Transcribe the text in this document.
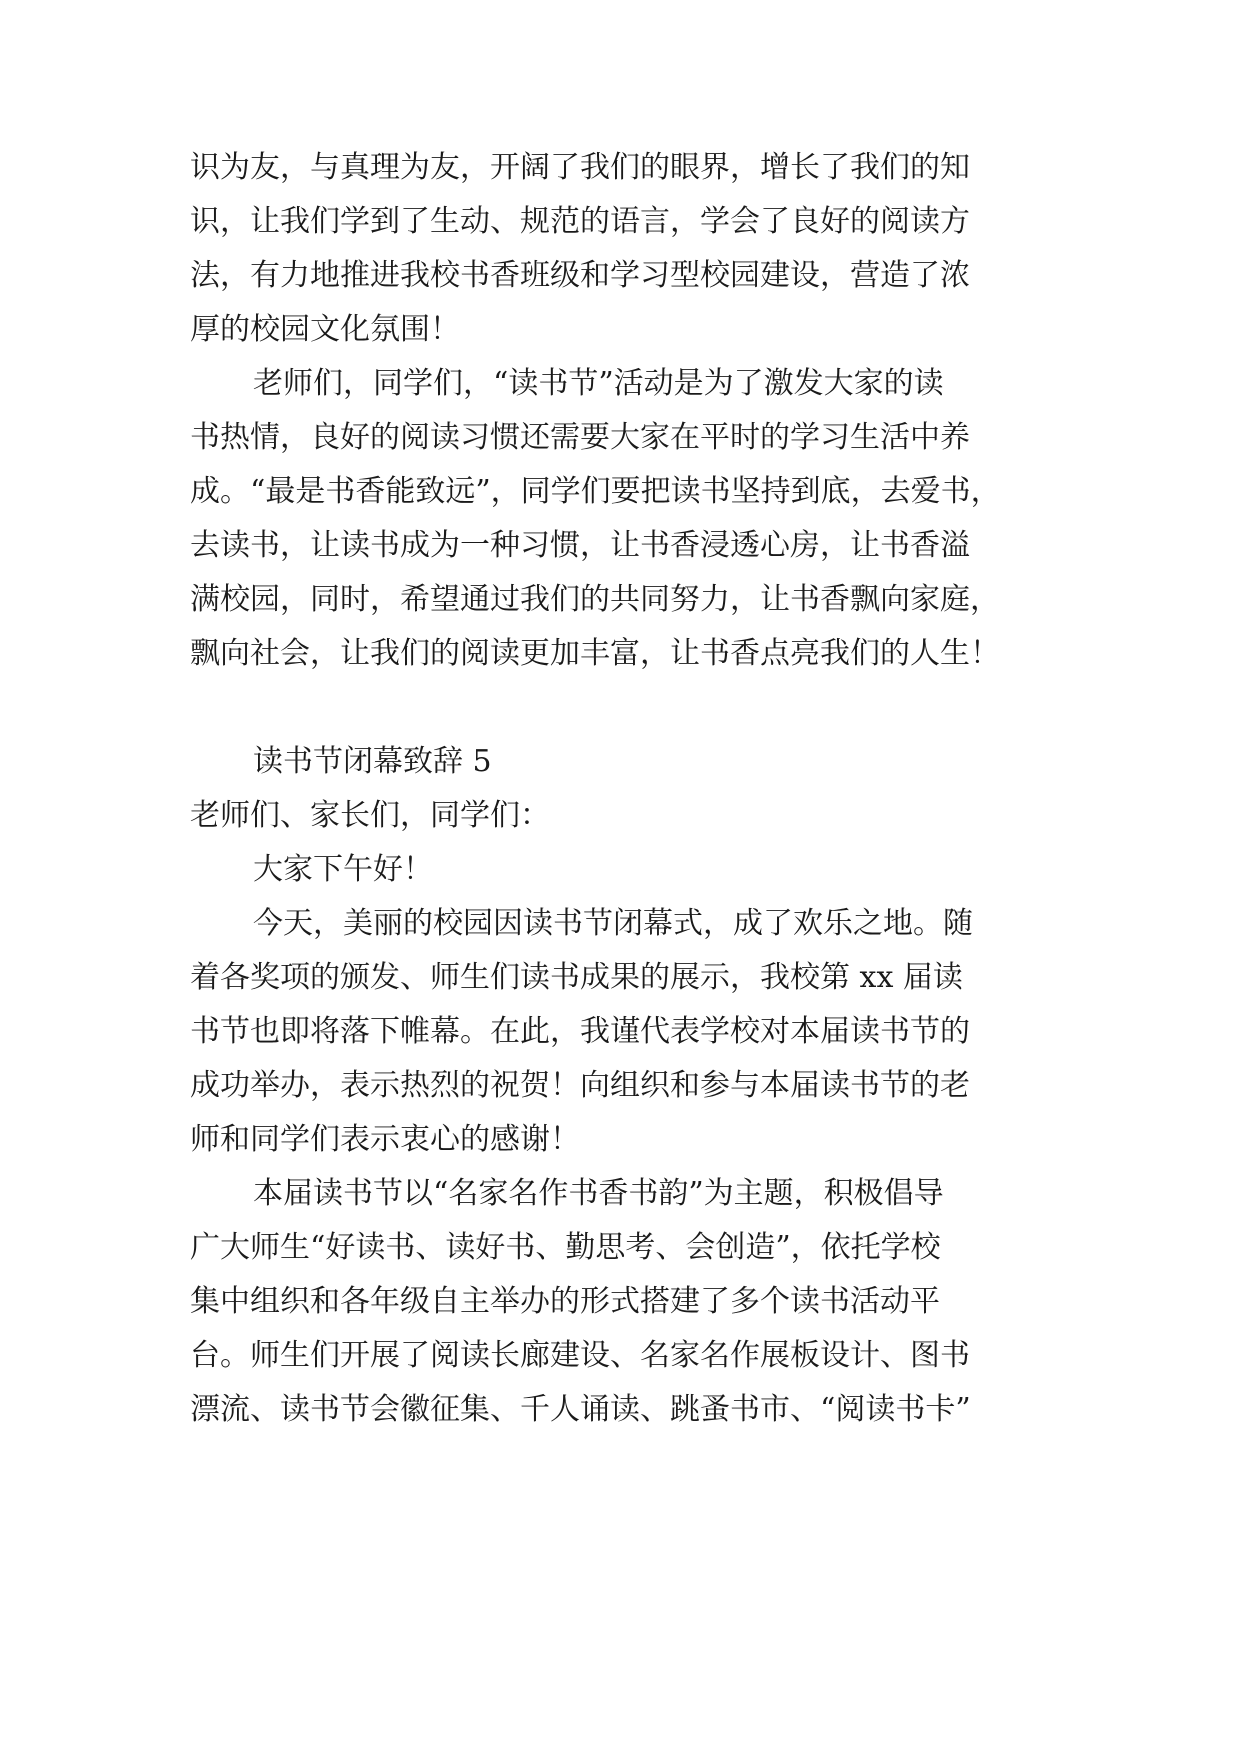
识为友，与真理为友，开阔了我们的眼界，增长了我们的知
识，让我们学到了生动、规范的语言，学会了良好的阅读方
法，有力地推进我校书香班级和学习型校园建设，营造了浓
厚的校园文化氛围！
老师们，同学们，“读书节”活动是为了激发大家的读
书热情，良好的阅读习惯还需要大家在平时的学习生活中养
成。“最是书香能致远”，同学们要把读书坚持到底，去爱书，
去读书，让读书成为一种习惯，让书香浸透心房，让书香溢
满校园，同时，希望通过我们的共同努力，让书香飘向家庭，
飘向社会，让我们的阅读更加丰富，让书香点亮我们的人生！
读书节闭幕致辞 5
老师们、家长们，同学们：
大家下午好！
今天，美丽的校园因读书节闭幕式，成了欢乐之地。随
着各奖项的颁发、师生们读书成果的展示，我校第 xx 届读
书节也即将落下帷幕。在此，我谨代表学校对本届读书节的
成功举办，表示热烈的祝贺！向组织和参与本届读书节的老
师和同学们表示衷心的感谢！
本届读书节以“名家名作书香书韵”为主题，积极倡导
广大师生“好读书、读好书、勤思考、会创造”，依托学校
集中组织和各年级自主举办的形式搭建了多个读书活动平
台。师生们开展了阅读长廊建设、名家名作展板设计、图书
漂流、读书节会徽征集、千人诵读、跳蚤书市、“阅读书卡”
